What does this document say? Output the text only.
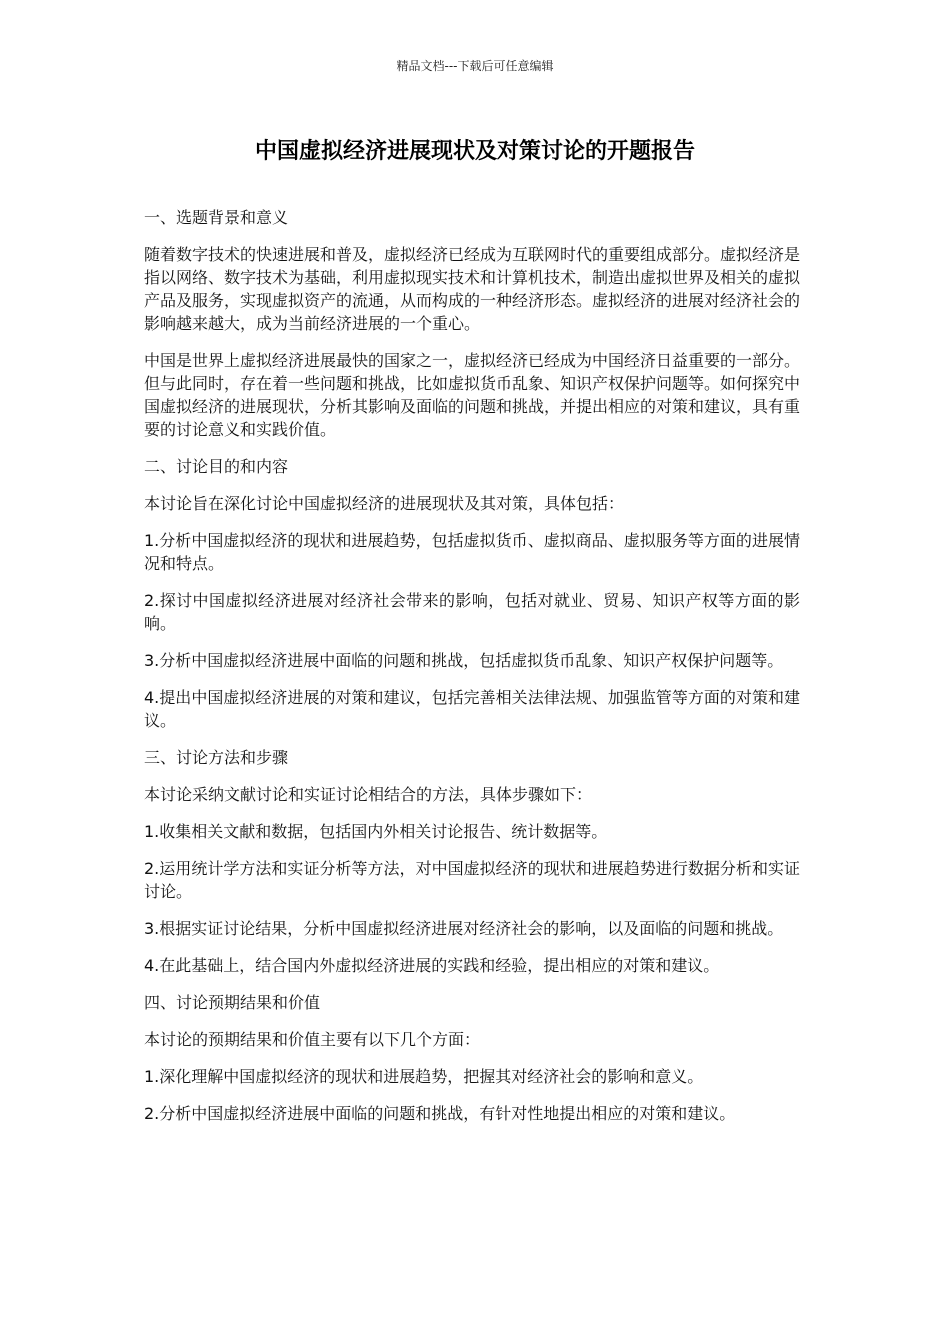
精品文档---下载后可任意编辑
中国虚拟经济进展现状及对策讨论的开题报告

一、选题背景和意义

随着数字技术的快速进展和普及，虚拟经济已经成为互联网时代的重要组成部分。虚拟经济是指以网络、数字技术为基础，利用虚拟现实技术和计算机技术，制造出虚拟世界及相关的虚拟产品及服务，实现虚拟资产的流通，从而构成的一种经济形态。虚拟经济的进展对经济社会的影响越来越大，成为当前经济进展的一个重心。

中国是世界上虚拟经济进展最快的国家之一，虚拟经济已经成为中国经济日益重要的一部分。但与此同时，存在着一些问题和挑战，比如虚拟货币乱象、知识产权保护问题等。如何探究中国虚拟经济的进展现状，分析其影响及面临的问题和挑战，并提出相应的对策和建议，具有重要的讨论意义和实践价值。

二、讨论目的和内容

本讨论旨在深化讨论中国虚拟经济的进展现状及其对策，具体包括：

1.分析中国虚拟经济的现状和进展趋势，包括虚拟货币、虚拟商品、虚拟服务等方面的进展情况和特点。

2.探讨中国虚拟经济进展对经济社会带来的影响，包括对就业、贸易、知识产权等方面的影响。

3.分析中国虚拟经济进展中面临的问题和挑战，包括虚拟货币乱象、知识产权保护问题等。

4.提出中国虚拟经济进展的对策和建议，包括完善相关法律法规、加强监管等方面的对策和建议。

三、讨论方法和步骤

本讨论采纳文献讨论和实证讨论相结合的方法，具体步骤如下：

1.收集相关文献和数据，包括国内外相关讨论报告、统计数据等。

2.运用统计学方法和实证分析等方法，对中国虚拟经济的现状和进展趋势进行数据分析和实证讨论。

3.根据实证讨论结果，分析中国虚拟经济进展对经济社会的影响，以及面临的问题和挑战。

4.在此基础上，结合国内外虚拟经济进展的实践和经验，提出相应的对策和建议。

四、讨论预期结果和价值

本讨论的预期结果和价值主要有以下几个方面：

1.深化理解中国虚拟经济的现状和进展趋势，把握其对经济社会的影响和意义。

2.分析中国虚拟经济进展中面临的问题和挑战，有针对性地提出相应的对策和建议。
